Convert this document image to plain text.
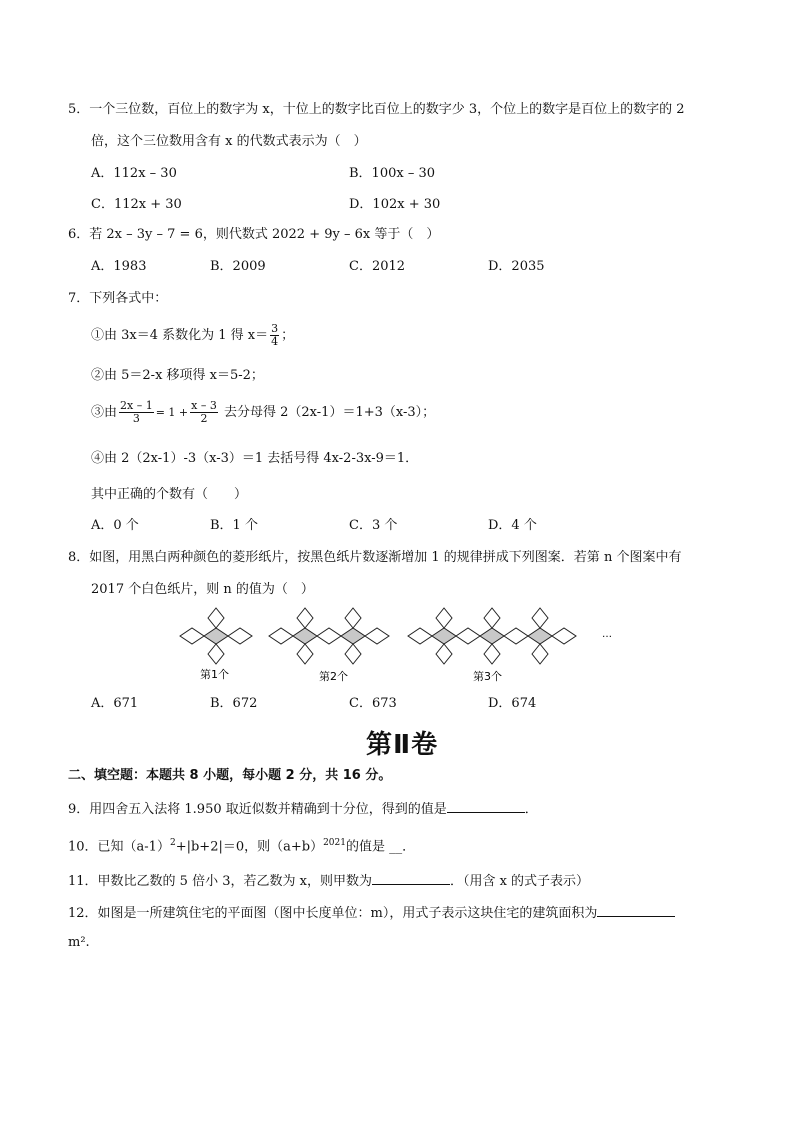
5．一个三位数，百位上的数字为 x，十位上的数字比百位上的数字少 3，个位上的数字是百位上的数字的 2
倍，这个三位数用含有 x 的代数式表示为（　）
A．112x – 30	B．100x – 30
C．112x + 30	D．102x + 30
6．若 2x – 3y – 7 = 6，则代数式 2022 + 9y – 6x 等于（　）
A．1983	B．2009	C．2012	D．2035
7．下列各式中：
①由 3x＝4 系数化为 1 得 $x= \frac{3}{4}$ ；
②由 5＝2-x 移项得 x＝5-2；
③由 $\frac{2x - 1}{3} = 1 + \frac{x - 3}{2}$ 去分母得 2（2x-1）＝1+3（x-3）；
④由 2（2x-1）-3（x-3）＝1 去括号得 4x-2-3x-9＝1．
其中正确的个数有（　　）
A．0 个	B．1 个	C．3 个	D．4 个
8．如图，用黑白两种颜色的菱形纸片，按黑色纸片数逐渐增加 1 的规律拼成下列图案．若第 n 个图案中有
2017 个白色纸片，则 n 的值为（　）
第1个	第2个	第3个
…
A．671	B．672	C．673	D．674
第Ⅱ卷
二、填空题：本题共 8 小题，每小题 2 分，共 16 分。
9．用四舍五入法将 1.950 取近似数并精确到十分位，得到的值是	．
10．已知$(a-1)^2+|b+2|=0$，则$(a+b)^{2021}$的值是 __．
11．甲数比乙数的 5 倍小 3，若乙数为 x，则甲数为	．（用含 x 的式子表示）
12．如图是一所建筑住宅的平面图（图中长度单位：m），用式子表示这块住宅的建筑面积为
m².
